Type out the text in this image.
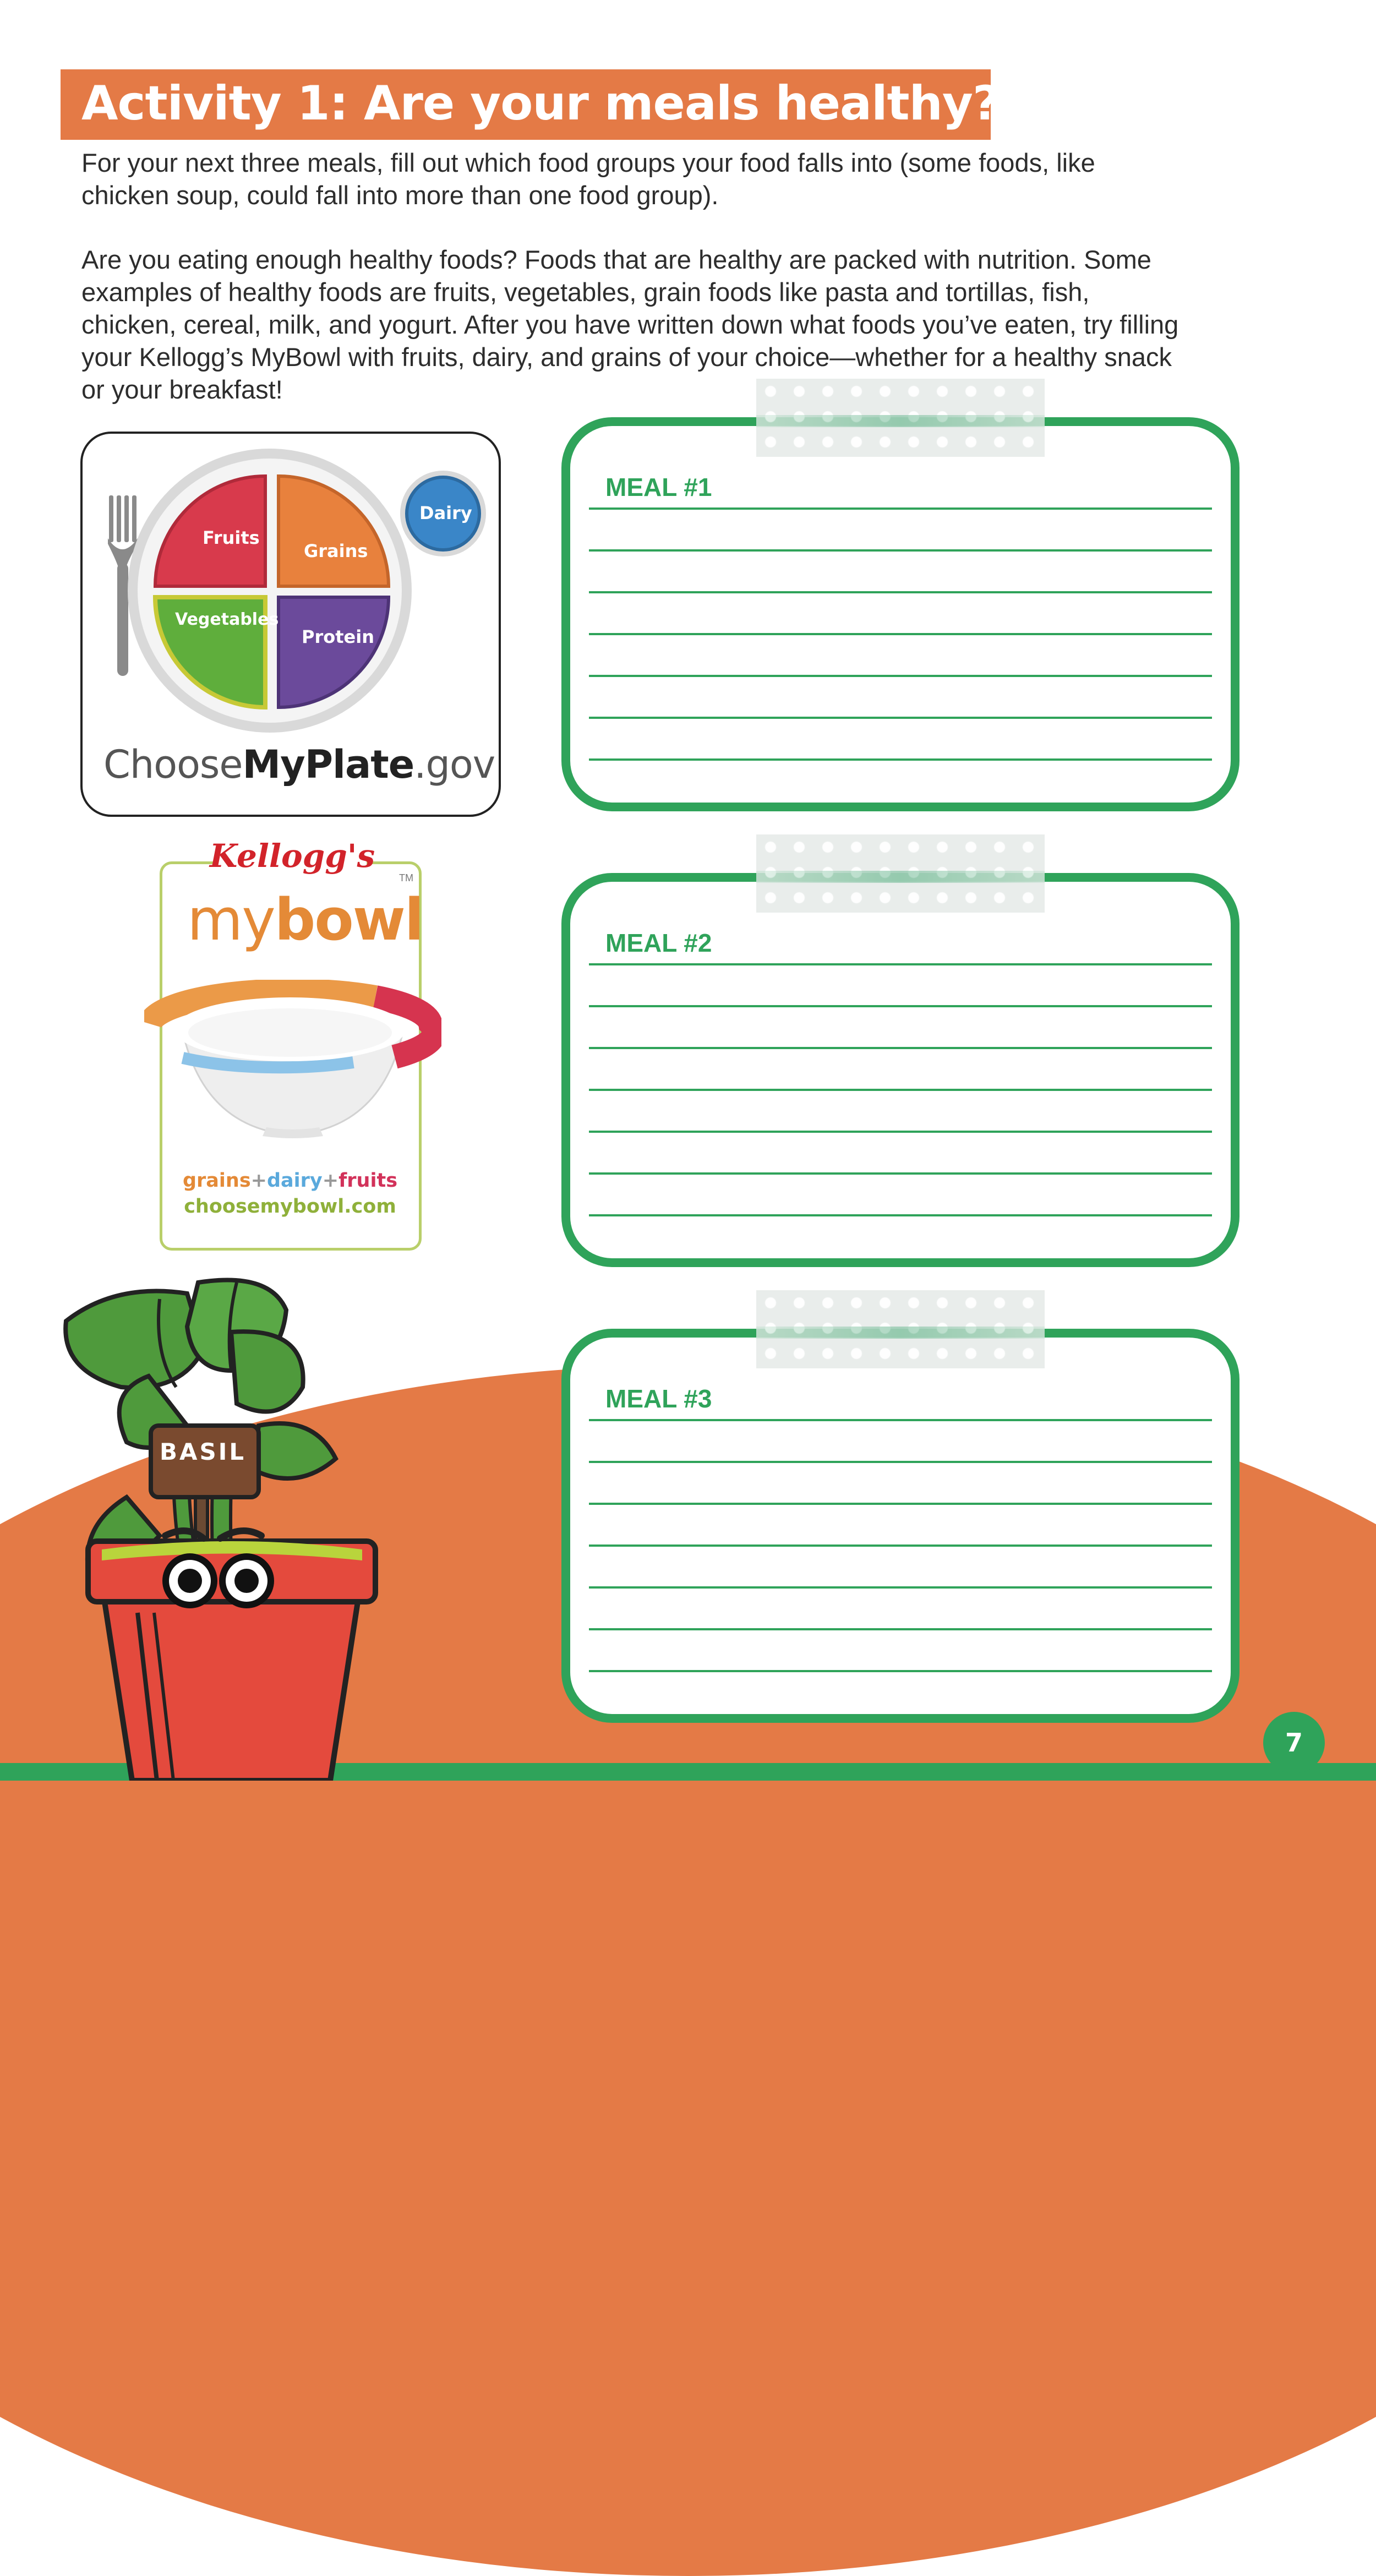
7
Activity 1: Are your meals healthy?

For your next three meals, fill out which food groups your food falls into (some foods, like chicken soup, could fall into more than one food group).

Are you eating enough healthy foods? Foods that are healthy are packed with nutrition. Some examples of healthy foods are fruits, vegetables, grain foods like pasta and tortillas, fish, chicken, cereal, milk, and yogurt. After you have written down what foods you’ve eaten, try filling your Kellogg’s MyBowl with fruits, dairy, and grains of your choice—whether for a healthy snack or your breakfast!

Fruits
Grains
Vegetables
Protein
Dairy
ChooseMyPlate.gov
Kellogg's
TM
mybowl
grains+dairy+fruits
choosemybowl.com
MEAL #1
MEAL #2
MEAL #3
BASIL
